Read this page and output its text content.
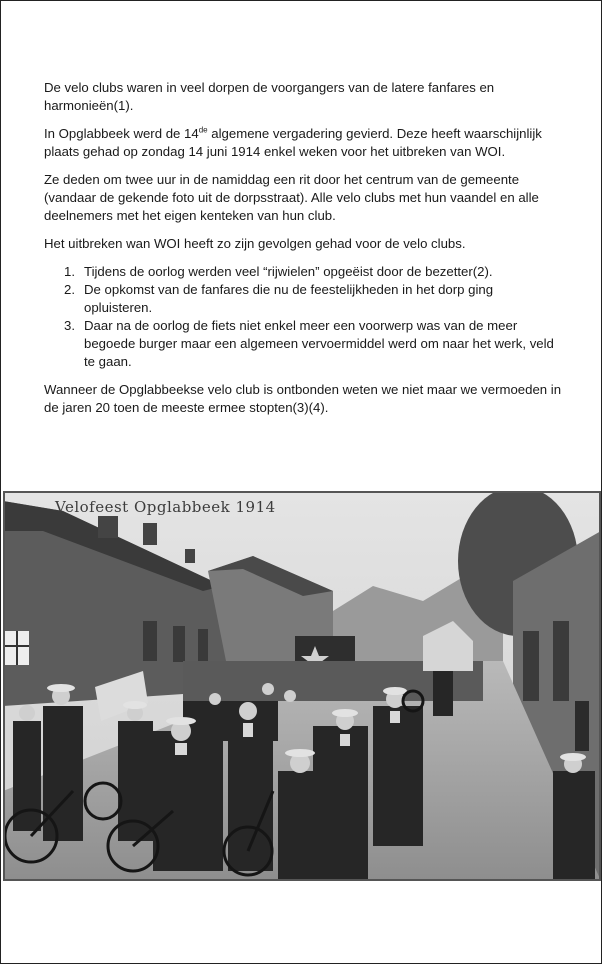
De velo clubs waren in veel dorpen de voorgangers van de latere fanfares en harmonieën(1).

In Opglabbeek werd de 14de algemene vergadering gevierd. Deze heeft waarschijnlijk plaats gehad op zondag 14 juni 1914 enkel weken voor het uitbreken van WOI.

Ze deden om twee uur in de namiddag een rit door het centrum van de gemeente (vandaar de gekende foto uit de dorpsstraat). Alle velo clubs met hun vaandel en alle deelnemers met het eigen kenteken van hun club.

Het uitbreken wan WOI heeft zo zijn gevolgen gehad voor de velo clubs.

1. Tijdens de oorlog werden veel “rijwielen” opgeëist door de bezetter(2).
2. De opkomst van de fanfares die nu de feestelijkheden in het dorp ging opluisteren.
3. Daar na de oorlog de fiets niet enkel meer een voorwerp was van de meer begoede burger maar een algemeen vervoermiddel werd om naar het werk, veld te gaan.

Wanneer de Opglabbeekse velo club is ontbonden weten we niet maar we vermoeden in de jaren 20 toen de meeste ermee stopten(3)(4).

Velofeest Opglabbeek 1914
